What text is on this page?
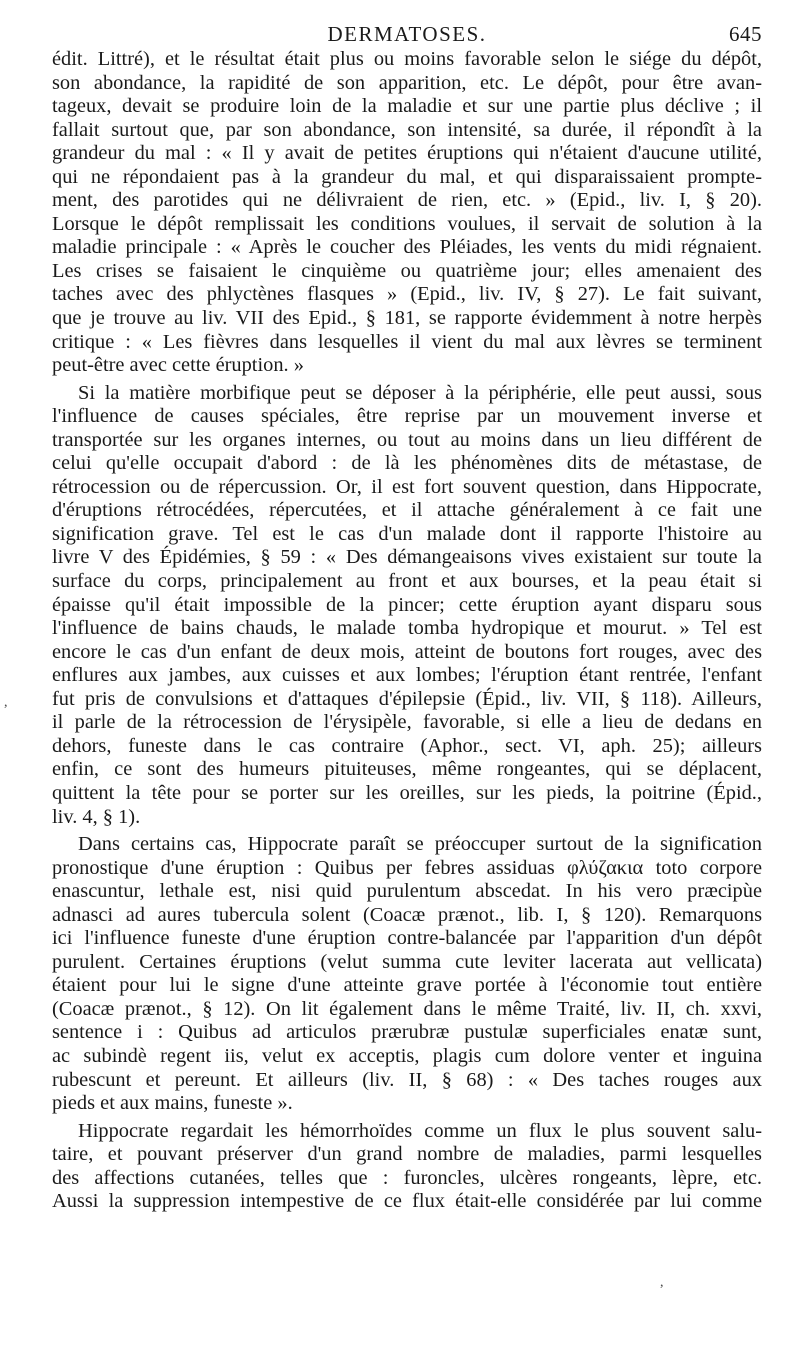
DERMATOSES.	645

édit. Littré), et le résultat était plus ou moins favorable selon le siége du dépôt,
son abondance, la rapidité de son apparition, etc. Le dépôt, pour être avan-
tageux, devait se produire loin de la maladie et sur une partie plus déclive ; il
fallait surtout que, par son abondance, son intensité, sa durée, il répondît à la
grandeur du mal : « Il y avait de petites éruptions qui n'étaient d'aucune utilité,
qui ne répondaient pas à la grandeur du mal, et qui disparaissaient prompte-
ment, des parotides qui ne délivraient de rien, etc. » (Epid., liv. I, § 20).
Lorsque le dépôt remplissait les conditions voulues, il servait de solution à la
maladie principale : « Après le coucher des Pléiades, les vents du midi régnaient.
Les crises se faisaient le cinquième ou quatrième jour; elles amenaient des
taches avec des phlyctènes flasques » (Epid., liv. IV, § 27). Le fait suivant,
que je trouve au liv. VII des Epid., § 181, se rapporte évidemment à notre herpès
critique : « Les fièvres dans lesquelles il vient du mal aux lèvres se terminent
peut-être avec cette éruption. »

Si la matière morbifique peut se déposer à la périphérie, elle peut aussi, sous
l'influence de causes spéciales, être reprise par un mouvement inverse et
transportée sur les organes internes, ou tout au moins dans un lieu différent de
celui qu'elle occupait d'abord : de là les phénomènes dits de métastase, de
rétrocession ou de répercussion. Or, il est fort souvent question, dans Hippocrate,
d'éruptions rétrocédées, répercutées, et il attache généralement à ce fait une
signification grave. Tel est le cas d'un malade dont il rapporte l'histoire au
livre V des Épidémies, § 59 : « Des démangeaisons vives existaient sur toute la
surface du corps, principalement au front et aux bourses, et la peau était si
épaisse qu'il était impossible de la pincer; cette éruption ayant disparu sous
l'influence de bains chauds, le malade tomba hydropique et mourut. » Tel est
encore le cas d'un enfant de deux mois, atteint de boutons fort rouges, avec des
enflures aux jambes, aux cuisses et aux lombes; l'éruption étant rentrée, l'enfant
fut pris de convulsions et d'attaques d'épilepsie (Épid., liv. VII, § 118). Ailleurs,
il parle de la rétrocession de l'érysipèle, favorable, si elle a lieu de dedans en
dehors, funeste dans le cas contraire (Aphor., sect. VI, aph. 25); ailleurs
enfin, ce sont des humeurs pituiteuses, même rongeantes, qui se déplacent,
quittent la tête pour se porter sur les oreilles, sur les pieds, la poitrine (Épid.,
liv. 4, § 1).

Dans certains cas, Hippocrate paraît se préoccuper surtout de la signification
pronostique d'une éruption : Quibus per febres assiduas φλύζακια toto corpore
enascuntur, lethale est, nisi quid purulentum abscedat. In his vero præcipùe
adnasci ad aures tubercula solent (Coacæ prænot., lib. I, § 120). Remarquons
ici l'influence funeste d'une éruption contre-balancée par l'apparition d'un dépôt
purulent. Certaines éruptions (velut summa cute leviter lacerata aut vellicata)
étaient pour lui le signe d'une atteinte grave portée à l'économie tout entière
(Coacæ prænot., § 12). On lit également dans le même Traité, liv. II, ch. xxvi,
sentence i : Quibus ad articulos prærubræ pustulæ superficiales enatæ sunt,
ac subindè regent iis, velut ex acceptis, plagis cum dolore venter et inguina
rubescunt et pereunt. Et ailleurs (liv. II, § 68) : « Des taches rouges aux
pieds et aux mains, funeste ».

Hippocrate regardait les hémorrhoïdes comme un flux le plus souvent salu-
taire, et pouvant préserver d'un grand nombre de maladies, parmi lesquelles
des affections cutanées, telles que : furoncles, ulcères rongeants, lèpre, etc.
Aussi la suppression intempestive de ce flux était-elle considérée par lui comme

,
,
